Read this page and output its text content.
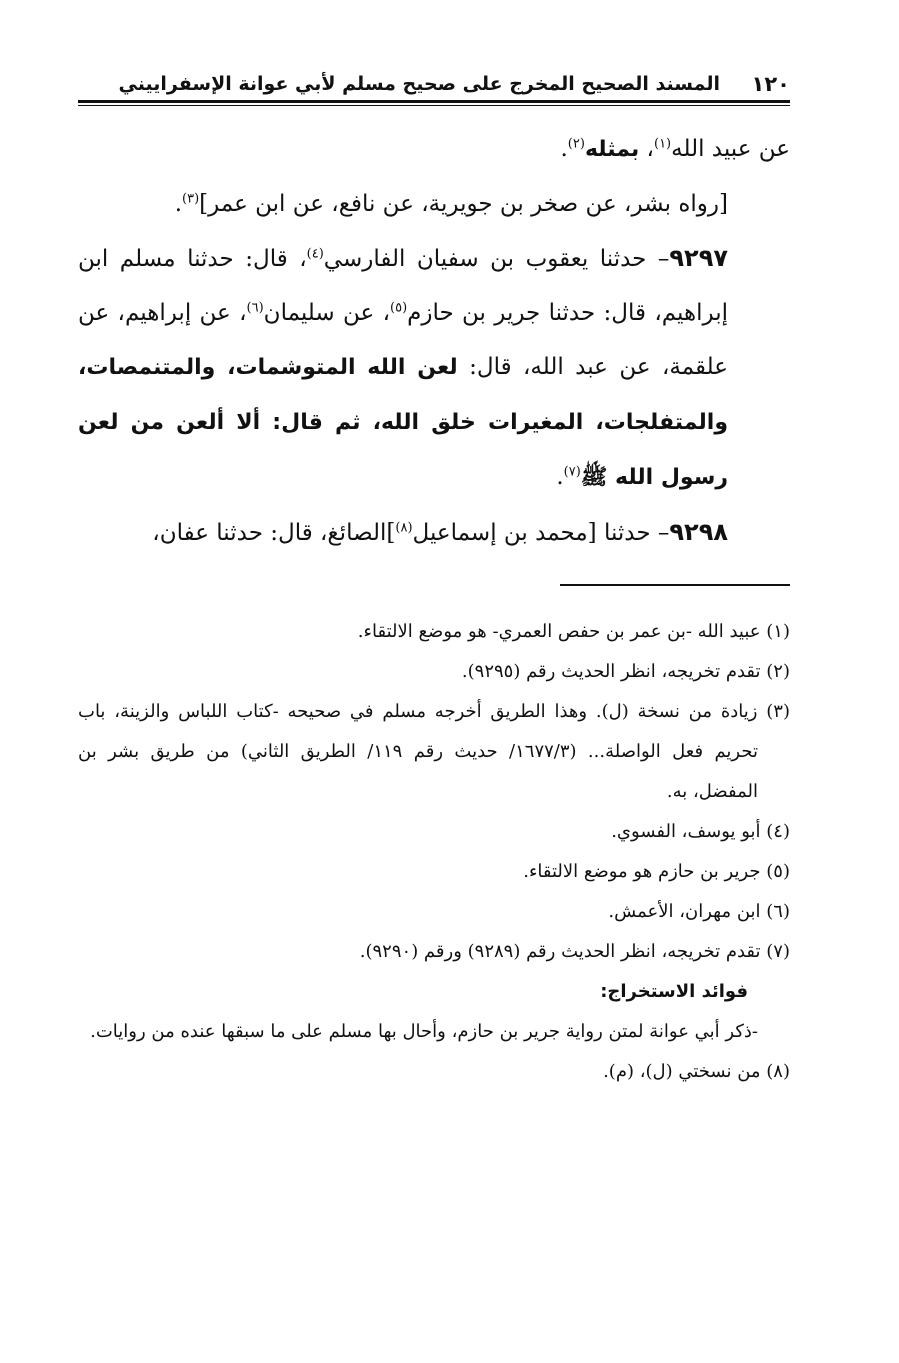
١٢٠
المسند الصحيح المخرج على صحيح مسلم لأبي عوانة الإسفراييني

عن عبيد الله$^{(١)}$، بمثله$^{(٢)}$.

[رواه بشر، عن صخر بن جويرية، عن نافع، عن ابن عمر]$^{(٣)}$.

٩٢٩٧– حدثنا يعقوب بن سفيان الفارسي$^{(٤)}$، قال: حدثنا مسلم ابن إبراهيم، قال: حدثنا جرير بن حازم$^{(٥)}$، عن سليمان$^{(٦)}$، عن إبراهيم، عن علقمة، عن عبد الله، قال: لعن الله المتوشمات، والمتنمصات، والمتفلجات، المغيرات خلق الله، ثم قال: ألا ألعن من لعن رسول الله ﷺ$^{(٧)}$.

٩٢٩٨– حدثنا [محمد بن إسماعيل$^{(٨)}$]الصائغ، قال: حدثنا عفان،

(١) عبيد الله -بن عمر بن حفص العمري- هو موضع الالتقاء.

(٢) تقدم تخريجه، انظر الحديث رقم (٩٢٩٥).

(٣) زيادة من نسخة (ل). وهذا الطريق أخرجه مسلم في صحيحه -كتاب اللباس والزينة، باب تحريم فعل الواصلة... (١٦٧٧/٣/ حديث رقم ١١٩/ الطريق الثاني) من طريق بشر بن المفضل، به.

(٤) أبو يوسف، الفسوي.

(٥) جرير بن حازم هو موضع الالتقاء.

(٦) ابن مهران، الأعمش.

(٧) تقدم تخريجه، انظر الحديث رقم (٩٢٨٩) ورقم (٩٢٩٠).

فوائد الاستخراج:

-ذكر أبي عوانة لمتن رواية جرير بن حازم، وأحال بها مسلم على ما سبقها عنده من روايات.

(٨) من نسختي (ل)، (م).
